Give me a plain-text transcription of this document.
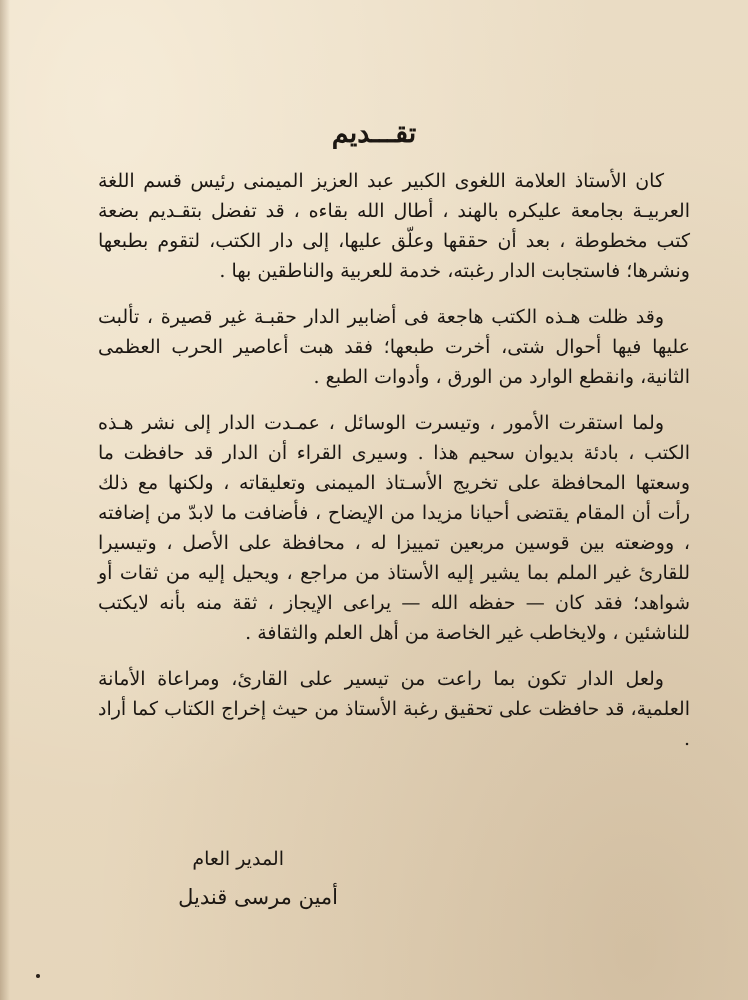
تقـــديم

كان الأستاذ العلامة اللغوى الكبير عبد العزيز الميمنى رئيس قسم اللغة العربيـة بجامعة عليكره بالهند ، أطال الله بقاءه ، قد تفضل بتقـديم بضعة كتب مخطوطة ، بعد أن حققها وعلّق عليها، إلى دار الكتب، لتقوم بطبعها ونشرها؛ فاستجابت الدار رغبته، خدمة للعربية والناطقين بها .

وقد ظلت هـذه الكتب هاجعة فى أضابير الدار حقبـة غير قصيرة ، تألبت عليها فيها أحوال شتى، أخرت طبعها؛ فقد هبت أعاصير الحرب العظمى الثانية، وانقطع الوارد من الورق ، وأدوات الطبع .

ولما استقرت الأمور ، وتيسرت الوسائل ، عمـدت الدار إلى نشر هـذه الكتب ، بادئة بديوان سحيم هذا . وسيرى القراء أن الدار قد حافظت ما وسعتها المحافظة على تخريج الأسـتاذ الميمنى وتعليقاته ، ولكنها مع ذلك رأت أن المقام يقتضى أحيانا مزيدا من الإيضاح ، فأضافت ما لابدّ من إضافته ، ووضعته بين قوسين مربعين تمييزا له ، محافظة على الأصل ، وتيسيرا للقارئ غير الملم بما يشير إليه الأستاذ من مراجع ، ويحيل إليه من ثقات أو شواهد؛ فقد كان — حفظه الله — يراعى الإيجاز ، ثقة منه بأنه لايكتب للناشئين ، ولايخاطب غير الخاصة من أهل العلم والثقافة .

ولعل الدار تكون بما راعت من تيسير على القارئ، ومراعاة الأمانة العلمية، قد حافظت على تحقيق رغبة الأستاذ من حيث إخراج الكتاب كما أراد .

المدير العام
أمين مرسى قنديل
